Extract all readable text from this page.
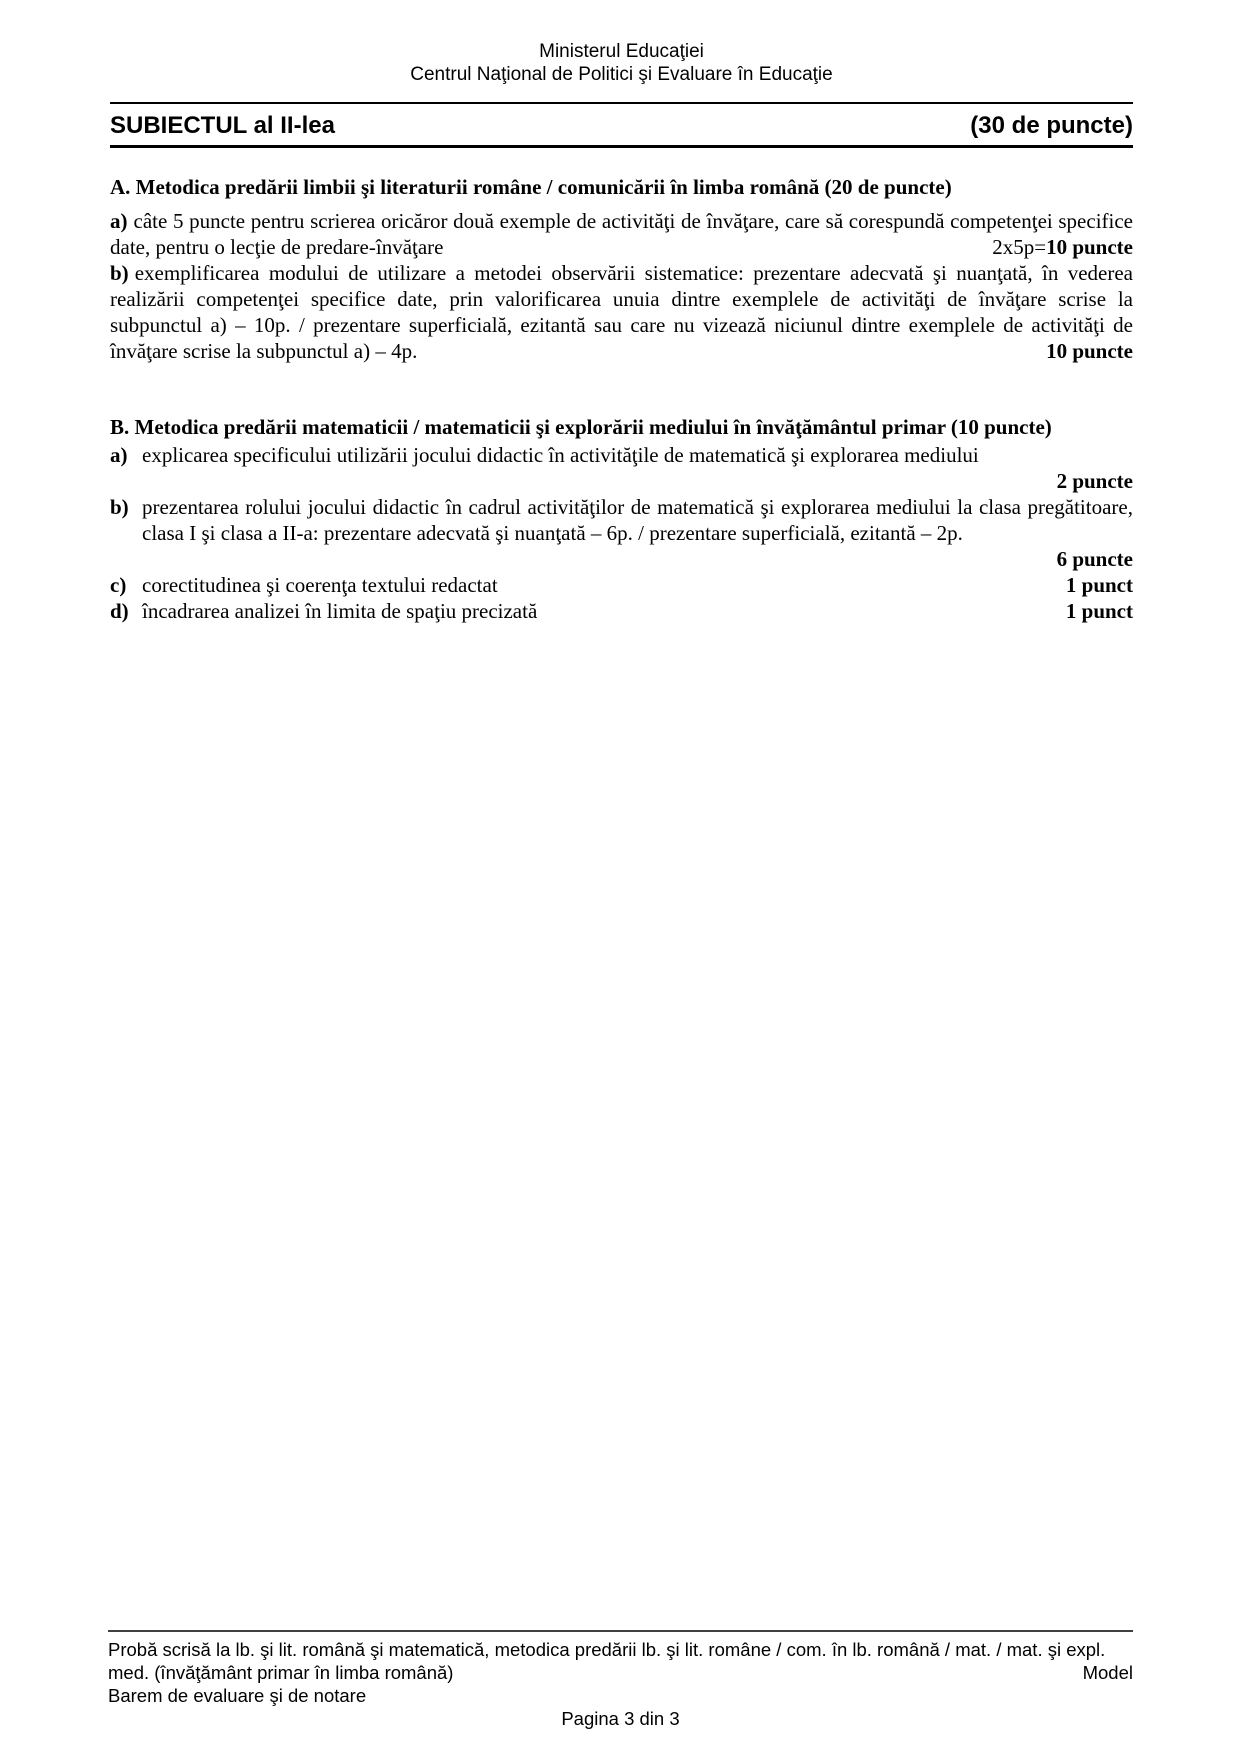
Ministerul Educaţiei
Centrul Naţional de Politici şi Evaluare în Educaţie
SUBIECTUL al II-lea	(30 de puncte)
A. Metodica predării limbii şi literaturii române / comunicării în limba română (20 de puncte)
a) câte 5 puncte pentru scrierea oricăror două exemple de activităţi de învăţare, care să corespundă competenţei specifice date, pentru o lecţie de predare-învăţare	2x5p=10 puncte
b) exemplificarea modului de utilizare a metodei observării sistematice: prezentare adecvată şi nuanţată, în vederea realizării competenţei specifice date, prin valorificarea unuia dintre exemplele de activităţi de învăţare scrise la subpunctul a) – 10p. / prezentare superficială, ezitantă sau care nu vizează niciunul dintre exemplele de activităţi de învăţare scrise la subpunctul a) – 4p.	10 puncte
B. Metodica predării matematicii / matematicii şi explorării mediului în învăţământul primar (10 puncte)
a) explicarea specificului utilizării jocului didactic în activităţile de matematică şi explorarea mediului
2 puncte
b) prezentarea rolului jocului didactic în cadrul activităţilor de matematică şi explorarea mediului la clasa pregătitoare, clasa I şi clasa a II-a: prezentare adecvată şi nuanţată – 6p. / prezentare superficială, ezitantă – 2p.
6 puncte
c) corectitudinea şi coerenţa textului redactat	1 punct
d) încadrarea analizei în limita de spaţiu precizată	1 punct
Probă scrisă la lb. şi lit. română şi matematică, metodica predării lb. şi lit. române / com. în lb. română / mat. / mat. şi expl.
med. (învăţământ primar în limba română)	Model
Barem de evaluare şi de notare
Pagina 3 din 3
